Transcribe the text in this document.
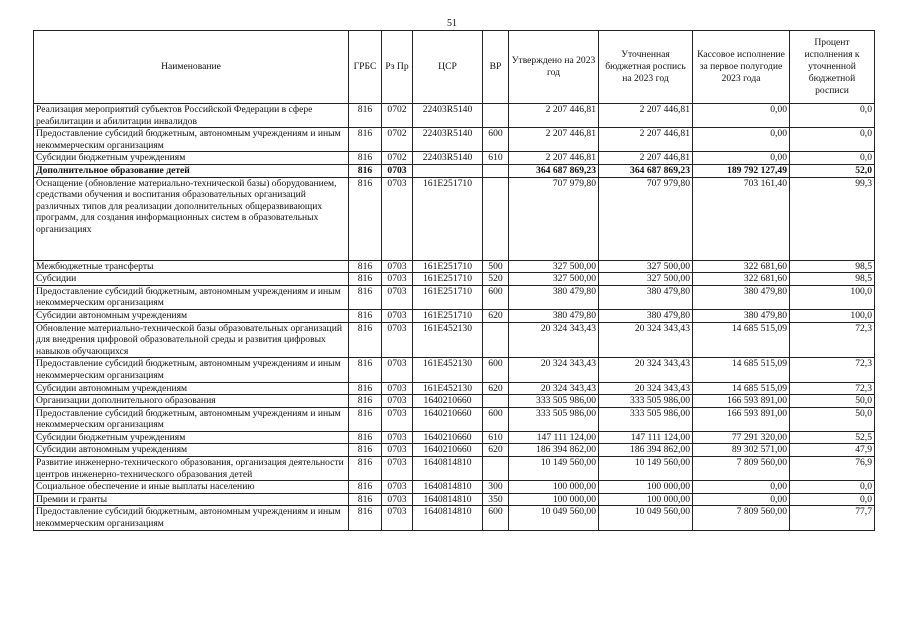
51
Наименование	ГРБС	Рз Пр	ЦСР	ВР	Утверждено на 2023 год	Уточненная бюджетная роспись на 2023 год	Кассовое исполнение за первое полугодие 2023 года	Процент исполнения к уточненной бюджетной росписи
Реализация мероприятий субъектов Российской Федерации в сфере реабилитации и абилитации инвалидов	816	0702	22403R5140		2 207 446,81	2 207 446,81	0,00	0,0
Предоставление субсидий бюджетным, автономным учреждениям и иным некоммерческим организациям	816	0702	22403R5140	600	2 207 446,81	2 207 446,81	0,00	0,0
Субсидии бюджетным учреждениям	816	0702	22403R5140	610	2 207 446,81	2 207 446,81	0,00	0,0
Дополнительное образование детей	816	0703			364 687 869,23	364 687 869,23	189 792 127,49	52,0
Оснащение (обновление материально-технической базы) оборудованием, средствами обучения и воспитания образовательных организаций различных типов для реализации дополнительных общеразвивающих программ, для создания информационных систем в образовательных организациях	816	0703	161E251710		707 979,80	707 979,80	703 161,40	99,3
Межбюджетные трансферты	816	0703	161E251710	500	327 500,00	327 500,00	322 681,60	98,5
Субсидии	816	0703	161E251710	520	327 500,00	327 500,00	322 681,60	98,5
Предоставление субсидий бюджетным, автономным учреждениям и иным некоммерческим организациям	816	0703	161E251710	600	380 479,80	380 479,80	380 479,80	100,0
Субсидии автономным учреждениям	816	0703	161E251710	620	380 479,80	380 479,80	380 479,80	100,0
Обновление материально-технической базы образовательных организаций для внедрения цифровой образовательной среды и развития цифровых навыков обучающихся	816	0703	161E452130		20 324 343,43	20 324 343,43	14 685 515,09	72,3
Предоставление субсидий бюджетным, автономным учреждениям и иным некоммерческим организациям	816	0703	161E452130	600	20 324 343,43	20 324 343,43	14 685 515,09	72,3
Субсидии автономным учреждениям	816	0703	161E452130	620	20 324 343,43	20 324 343,43	14 685 515,09	72,3
Организации дополнительного образования	816	0703	1640210660		333 505 986,00	333 505 986,00	166 593 891,00	50,0
Предоставление субсидий бюджетным, автономным учреждениям и иным некоммерческим организациям	816	0703	1640210660	600	333 505 986,00	333 505 986,00	166 593 891,00	50,0
Субсидии бюджетным учреждениям	816	0703	1640210660	610	147 111 124,00	147 111 124,00	77 291 320,00	52,5
Субсидии автономным учреждениям	816	0703	1640210660	620	186 394 862,00	186 394 862,00	89 302 571,00	47,9
Развитие инженерно-технического образования, организация деятельности центров инженерно-технического образования детей	816	0703	1640814810		10 149 560,00	10 149 560,00	7 809 560,00	76,9
Социальное обеспечение и иные выплаты населению	816	0703	1640814810	300	100 000,00	100 000,00	0,00	0,0
Премии и гранты	816	0703	1640814810	350	100 000,00	100 000,00	0,00	0,0
Предоставление субсидий бюджетным, автономным учреждениям и иным некоммерческим организациям	816	0703	1640814810	600	10 049 560,00	10 049 560,00	7 809 560,00	77,7
